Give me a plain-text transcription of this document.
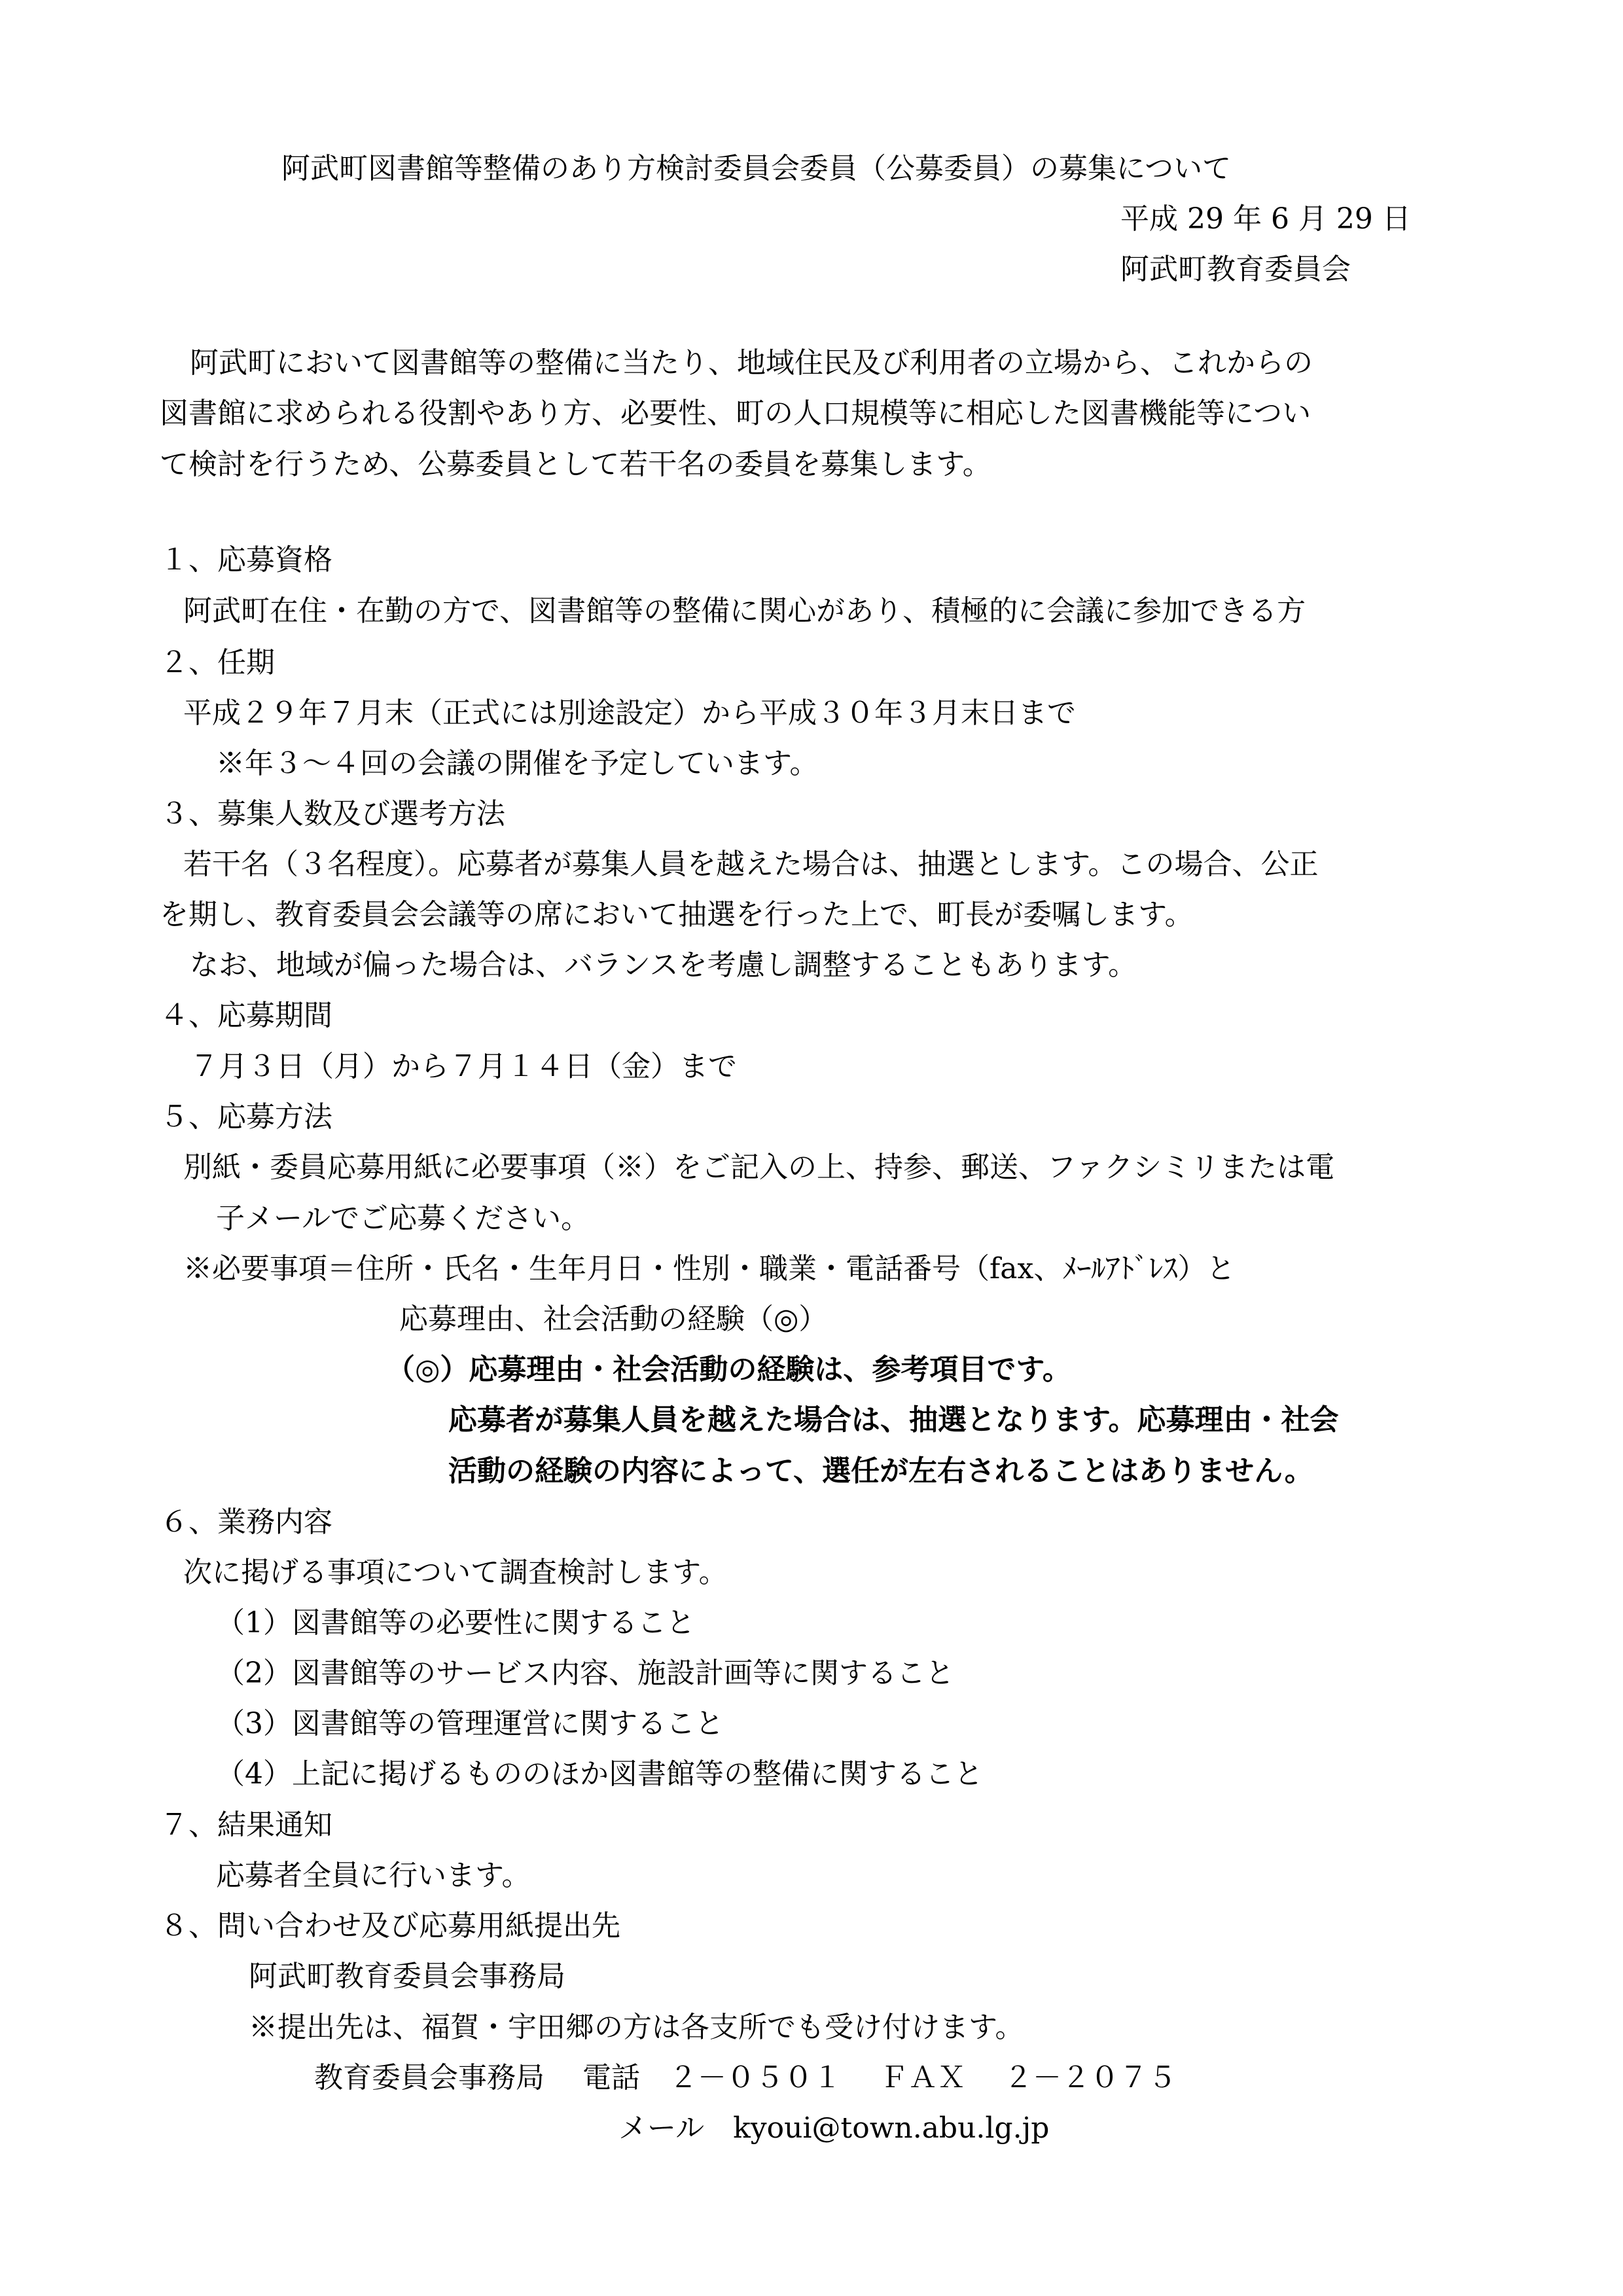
阿武町図書館等整備のあり方検討委員会委員（公募委員）の募集について
平成 29 年 6 月 29 日
阿武町教育委員会
阿武町において図書館等の整備に当たり、地域住民及び利用者の立場から、これからの
図書館に求められる役割やあり方、必要性、町の人口規模等に相応した図書機能等につい
て検討を行うため、公募委員として若干名の委員を募集します。
１、応募資格
阿武町在住・在勤の方で、図書館等の整備に関心があり、積極的に会議に参加できる方
２、任期
平成２９年７月末（正式には別途設定）から平成３０年３月末日まで
※年３～４回の会議の開催を予定しています。
３、募集人数及び選考方法
若干名（３名程度）。応募者が募集人員を越えた場合は、抽選とします。この場合、公正
を期し、教育委員会会議等の席において抽選を行った上で、町長が委嘱します。
なお、地域が偏った場合は、バランスを考慮し調整することもあります。
４、応募期間
７月３日（月）から７月１４日（金）まで
５、応募方法
別紙・委員応募用紙に必要事項（※）をご記入の上、持参、郵送、ファクシミリまたは電
子メールでご応募ください。
※必要事項＝住所・氏名・生年月日・性別・職業・電話番号（fax、ﾒｰﾙｱﾄﾞﾚｽ）と
応募理由、社会活動の経験（◎）
（◎）応募理由・社会活動の経験は、参考項目です。
応募者が募集人員を越えた場合は、抽選となります。応募理由・社会
活動の経験の内容によって、選任が左右されることはありません。
６、業務内容
次に掲げる事項について調査検討します。
（1）図書館等の必要性に関すること
（2）図書館等のサービス内容、施設計画等に関すること
（3）図書館等の管理運営に関すること
（4）上記に掲げるもののほか図書館等の整備に関すること
７、結果通知
応募者全員に行います。
８、問い合わせ及び応募用紙提出先
阿武町教育委員会事務局
※提出先は、福賀・宇田郷の方は各支所でも受け付けます。
教育委員会事務局　 電話　２－０５０１　 ＦＡＸ　 ２－２０７５
メール　kyoui@town.abu.lg.jp
